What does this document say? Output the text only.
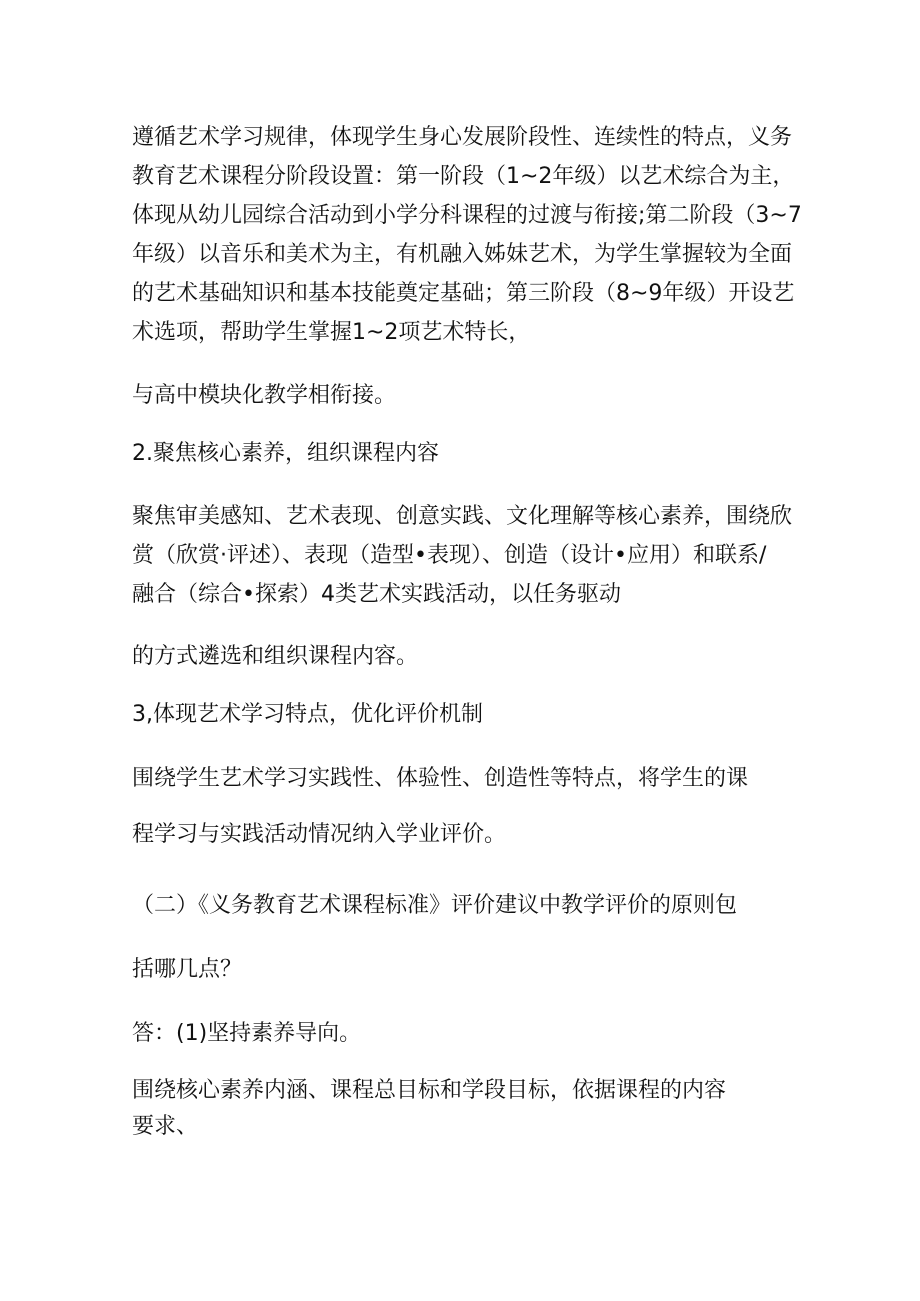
遵循艺术学习规律，体现学生身心发展阶段性、连续性的特点，义务
教育艺术课程分阶段设置：第一阶段（1~2年级）以艺术综合为主，
体现从幼儿园综合活动到小学分科课程的过渡与衔接;第二阶段（3~7
年级）以音乐和美术为主，有机融入姊妹艺术，为学生掌握较为全面
的艺术基础知识和基本技能奠定基础；第三阶段（8~9年级）开设艺
术选项，帮助学生掌握1~2项艺术特长，

与高中模块化教学相衔接。

2.聚焦核心素养，组织课程内容

聚焦审美感知、艺术表现、创意实践、文化理解等核心素养，围绕欣
赏（欣赏·评述）、表现（造型•表现）、创造（设计•应用）和联系/
融合（综合•探索）4类艺术实践活动，以任务驱动

的方式遴选和组织课程内容。

3,体现艺术学习特点，优化评价机制

围绕学生艺术学习实践性、体验性、创造性等特点，将学生的课

程学习与实践活动情况纳入学业评价。

（二）《义务教育艺术课程标准》评价建议中教学评价的原则包

括哪几点？

答：(1)坚持素养导向。

围绕核心素养内涵、课程总目标和学段目标，依据课程的内容
要求、
